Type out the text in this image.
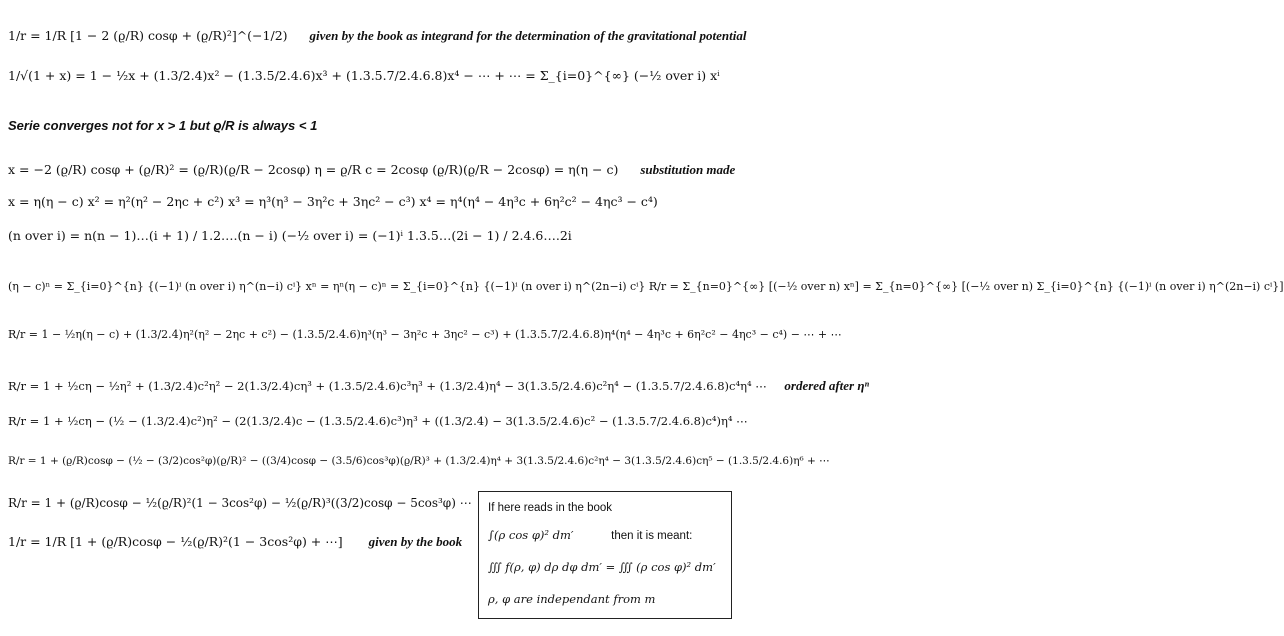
1/r = 1/R [1 − 2 (ϱ/R) cosφ + (ϱ/R)²]^(−1/2) given by the book as integrand for the determination of the gravitational potential
1/√(1 + x) = 1 − ½x + (1.3/2.4)x² − (1.3.5/2.4.6)x³ + (1.3.5.7/2.4.6.8)x⁴ − ⋯ + ⋯ = Σ_{i=0}^{∞} (−½ over i) xⁱ
Serie converges not for x > 1 but ϱ/R is always < 1
x = −2 (ϱ/R) cosφ + (ϱ/R)² = (ϱ/R)(ϱ/R − 2cosφ) η = ϱ/R c = 2cosφ (ϱ/R)(ϱ/R − 2cosφ) = η(η − c) substitution made
x = η(η − c) x² = η²(η² − 2ηc + c²) x³ = η³(η³ − 3η²c + 3ηc² − c³) x⁴ = η⁴(η⁴ − 4η³c + 6η²c² − 4ηc³ − c⁴)
(n over i) = n(n − 1)…(i + 1) / 1.2….(n − i) (−½ over i) = (−1)ⁱ 1.3.5…(2i − 1) / 2.4.6….2i
(η − c)ⁿ = Σ_{i=0}^{n} {(−1)ⁱ (n over i) η^(n−i) cⁱ} xⁿ = ηⁿ(η − c)ⁿ = Σ_{i=0}^{n} {(−1)ⁱ (n over i) η^(2n−i) cⁱ} R/r = Σ_{n=0}^{∞} [(−½ over n) xⁿ] = Σ_{n=0}^{∞} [(−½ over n) Σ_{i=0}^{n} {(−1)ⁱ (n over i) η^(2n−i) cⁱ}]
R/r = 1 − ½η(η − c) + (1.3/2.4)η²(η² − 2ηc + c²) − (1.3.5/2.4.6)η³(η³ − 3η²c + 3ηc² − c³) + (1.3.5.7/2.4.6.8)η⁴(η⁴ − 4η³c + 6η²c² − 4ηc³ − c⁴) − ⋯ + ⋯
R/r = 1 + ½cη − ½η² + (1.3/2.4)c²η² − 2(1.3/2.4)cη³ + (1.3.5/2.4.6)c³η³ + (1.3/2.4)η⁴ − 3(1.3.5/2.4.6)c²η⁴ − (1.3.5.7/2.4.6.8)c⁴η⁴ ⋯ ordered after ηⁿ
R/r = 1 + ½cη − (½ − (1.3/2.4)c²)η² − (2(1.3/2.4)c − (1.3.5/2.4.6)c³)η³ + ((1.3/2.4) − 3(1.3.5/2.4.6)c² − (1.3.5.7/2.4.6.8)c⁴)η⁴ ⋯
R/r = 1 + (ϱ/R)cosφ − (½ − (3/2)cos²φ)(ϱ/R)² − ((3/4)cosφ − (3.5/6)cos³φ)(ϱ/R)³ + (1.3/2.4)η⁴ + 3(1.3.5/2.4.6)c²η⁴ − 3(1.3.5/2.4.6)cη⁵ − (1.3.5/2.4.6)η⁶ + ⋯
R/r = 1 + (ϱ/R)cosφ − ½(ϱ/R)²(1 − 3cos²φ) − ½(ϱ/R)³((3/2)cosφ − 5cos³φ) ⋯
1/r = 1/R [1 + (ϱ/R)cosφ − ½(ϱ/R)²(1 − 3cos²φ) + ⋯] given by the book
If here reads in the book
∫(ρ cos φ)² dm′	then it is meant:
∭ f(ρ, φ) dρ dφ dm′ = ∭ (ρ cos φ)² dm′
ρ, φ are independant from m
